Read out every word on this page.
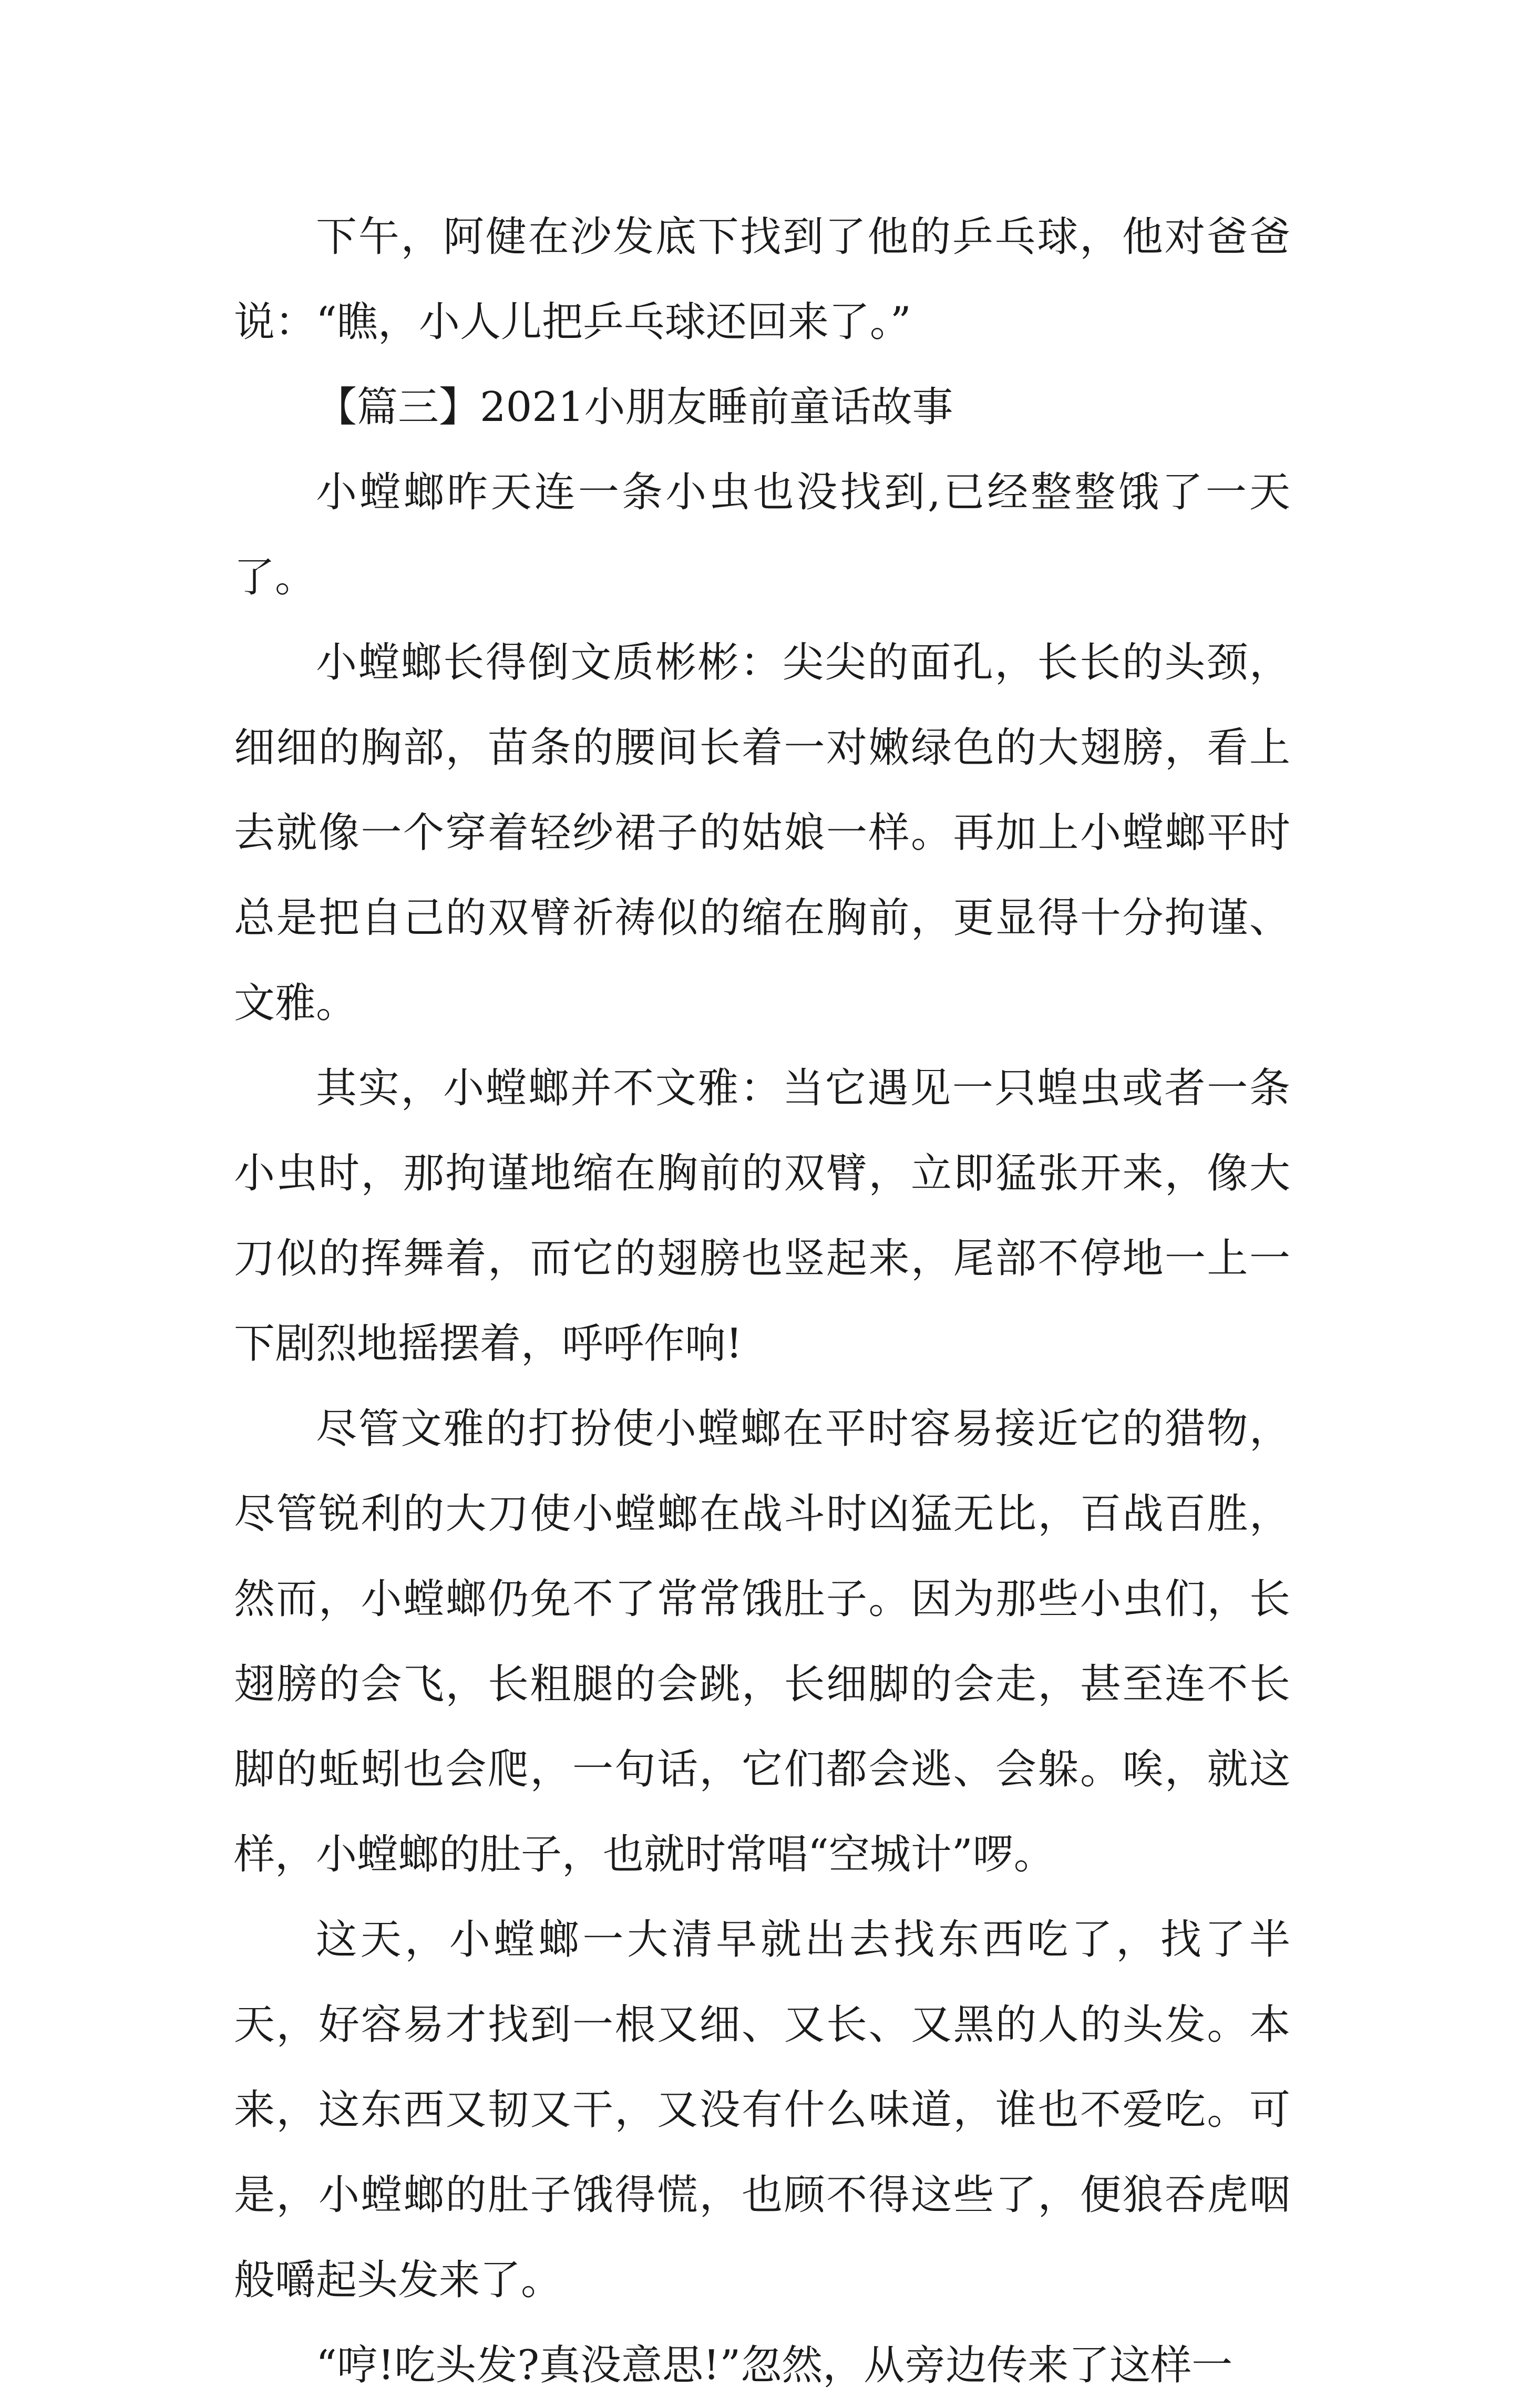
下午，阿健在沙发底下找到了他的乒乓球，他对爸爸说：“瞧，小人儿把乒乓球还回来了。”

【篇三】2021小朋友睡前童话故事

小螳螂昨天连一条小虫也没找到,已经整整饿了一天了。

小螳螂长得倒文质彬彬：尖尖的面孔，长长的头颈，细细的胸部，苗条的腰间长着一对嫩绿色的大翅膀，看上去就像一个穿着轻纱裙子的姑娘一样。再加上小螳螂平时总是把自己的双臂祈祷似的缩在胸前，更显得十分拘谨、文雅。

其实，小螳螂并不文雅：当它遇见一只蝗虫或者一条小虫时，那拘谨地缩在胸前的双臂，立即猛张开来，像大刀似的挥舞着，而它的翅膀也竖起来，尾部不停地一上一下剧烈地摇摆着，呼呼作响!

尽管文雅的打扮使小螳螂在平时容易接近它的猎物，尽管锐利的大刀使小螳螂在战斗时凶猛无比，百战百胜，然而，小螳螂仍免不了常常饿肚子。因为那些小虫们，长翅膀的会飞，长粗腿的会跳，长细脚的会走，甚至连不长脚的蚯蚓也会爬，一句话，它们都会逃、会躲。唉，就这样，小螳螂的肚子，也就时常唱“空城计”啰。

这天，小螳螂一大清早就出去找东西吃了，找了半天，好容易才找到一根又细、又长、又黑的人的头发。本来，这东西又韧又干，又没有什么味道，谁也不爱吃。可是，小螳螂的肚子饿得慌，也顾不得这些了，便狼吞虎咽般嚼起头发来了。

“哼!吃头发?真没意思!”忽然，从旁边传来了这样一
